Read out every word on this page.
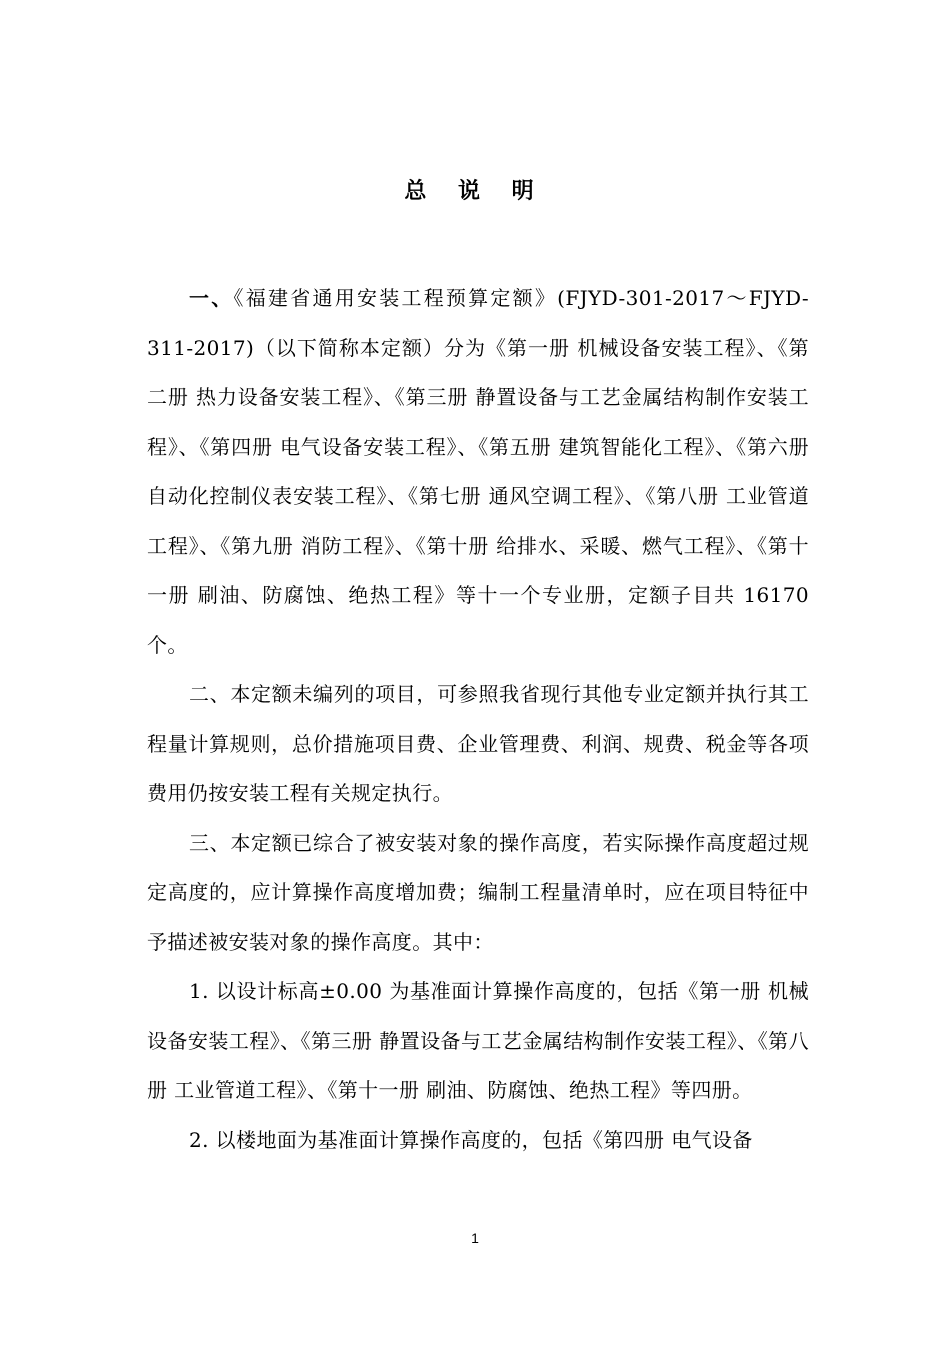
总 说 明

一、《福建省通用安装工程预算定额》(FJYD-301-2017～FJYD-311-2017)（以下简称本定额）分为《第一册 机械设备安装工程》、《第二册 热力设备安装工程》、《第三册 静置设备与工艺金属结构制作安装工程》、《第四册 电气设备安装工程》、《第五册 建筑智能化工程》、《第六册 自动化控制仪表安装工程》、《第七册 通风空调工程》、《第八册 工业管道工程》、《第九册 消防工程》、《第十册 给排水、采暖、燃气工程》、《第十一册 刷油、防腐蚀、绝热工程》等十一个专业册，定额子目共 16170 个。

二、本定额未编列的项目，可参照我省现行其他专业定额并执行其工程量计算规则，总价措施项目费、企业管理费、利润、规费、税金等各项费用仍按安装工程有关规定执行。

三、本定额已综合了被安装对象的操作高度，若实际操作高度超过规定高度的，应计算操作高度增加费；编制工程量清单时，应在项目特征中予描述被安装对象的操作高度。其中：

1. 以设计标高±0.00 为基准面计算操作高度的，包括《第一册 机械设备安装工程》、《第三册 静置设备与工艺金属结构制作安装工程》、《第八册 工业管道工程》、《第十一册 刷油、防腐蚀、绝热工程》等四册。

2. 以楼地面为基准面计算操作高度的，包括《第四册 电气设备

1
